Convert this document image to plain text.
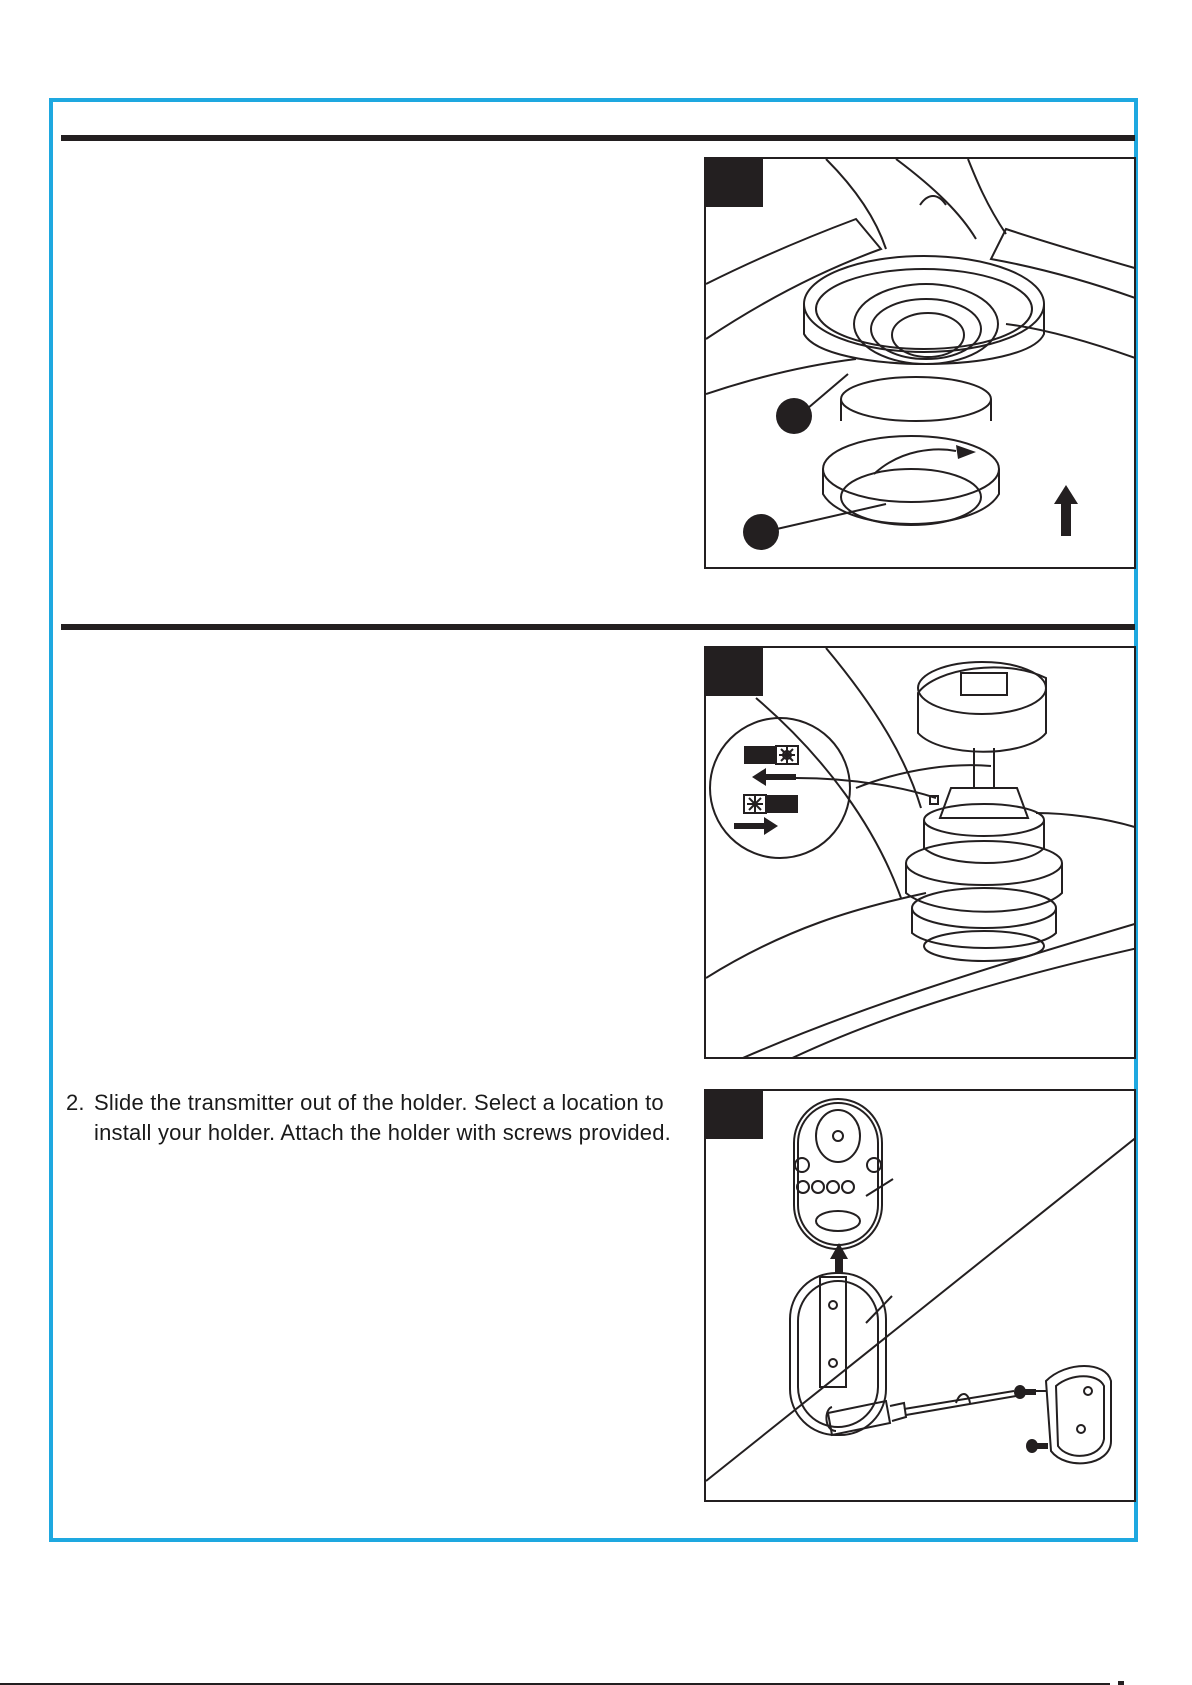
2. Slide the transmitter out of the holder. Select a location to install your holder. Attach the holder with screws provided.
